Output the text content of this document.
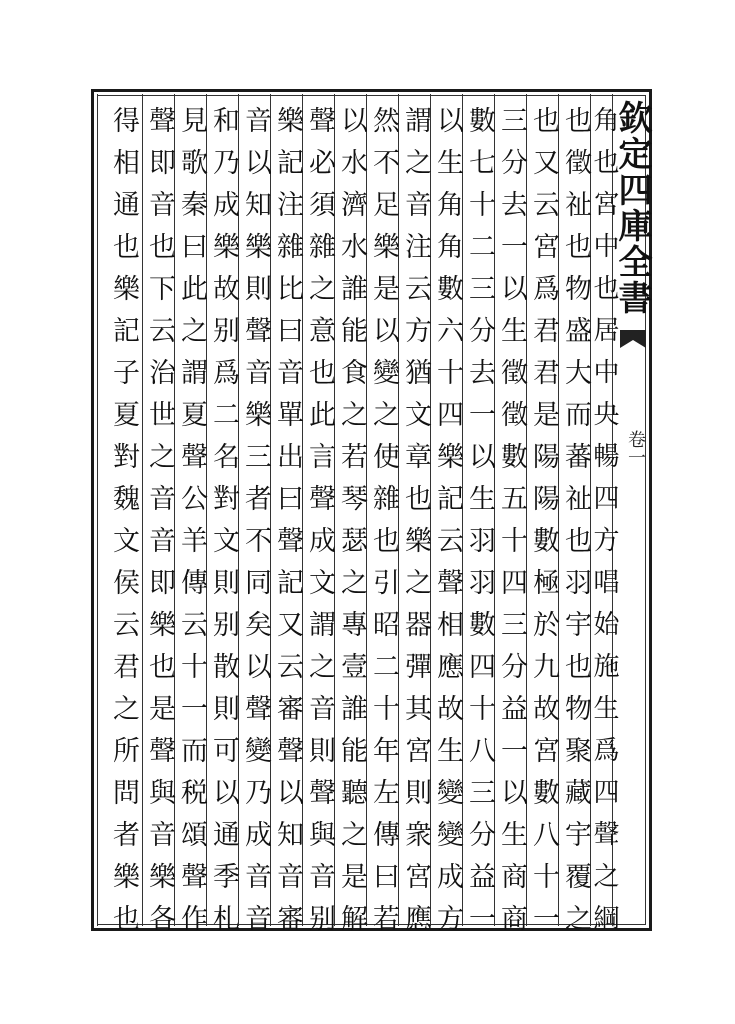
欽定四庫全書
卷一
角也宮中也居中央暢四方唱始施生爲四聲之綱
也徵祉也物盛大而蕃祉也羽宇也物聚藏宇覆之
也又云宮爲君君是陽陽數極於九故宮數八十一
三分去一以生徵徵數五十四三分益一以生商商
數七十二三分去一以生羽羽數四十八三分益一
以生角角數六十四樂記云聲相應故生變變成方
謂之音注云方猶文章也樂之器彈其宮則衆宮應
然不足樂是以變之使雜也引昭二十年左傳曰若
以水濟水誰能食之若琴瑟之專壹誰能聽之是解
聲必須雜之意也此言聲成文謂之音則聲與音别
樂記注雜比曰音單出曰聲記又云審聲以知音審
音以知樂則聲音樂三者不同矣以聲變乃成音音
和乃成樂故别爲二名對文則别散則可以通季札
見歌秦曰此之謂夏聲公羊傳云十一而税頌聲作
聲即音也下云治世之音音即樂也是聲與音樂各
得相通也樂記子夏對魏文侯云君之所問者樂也
